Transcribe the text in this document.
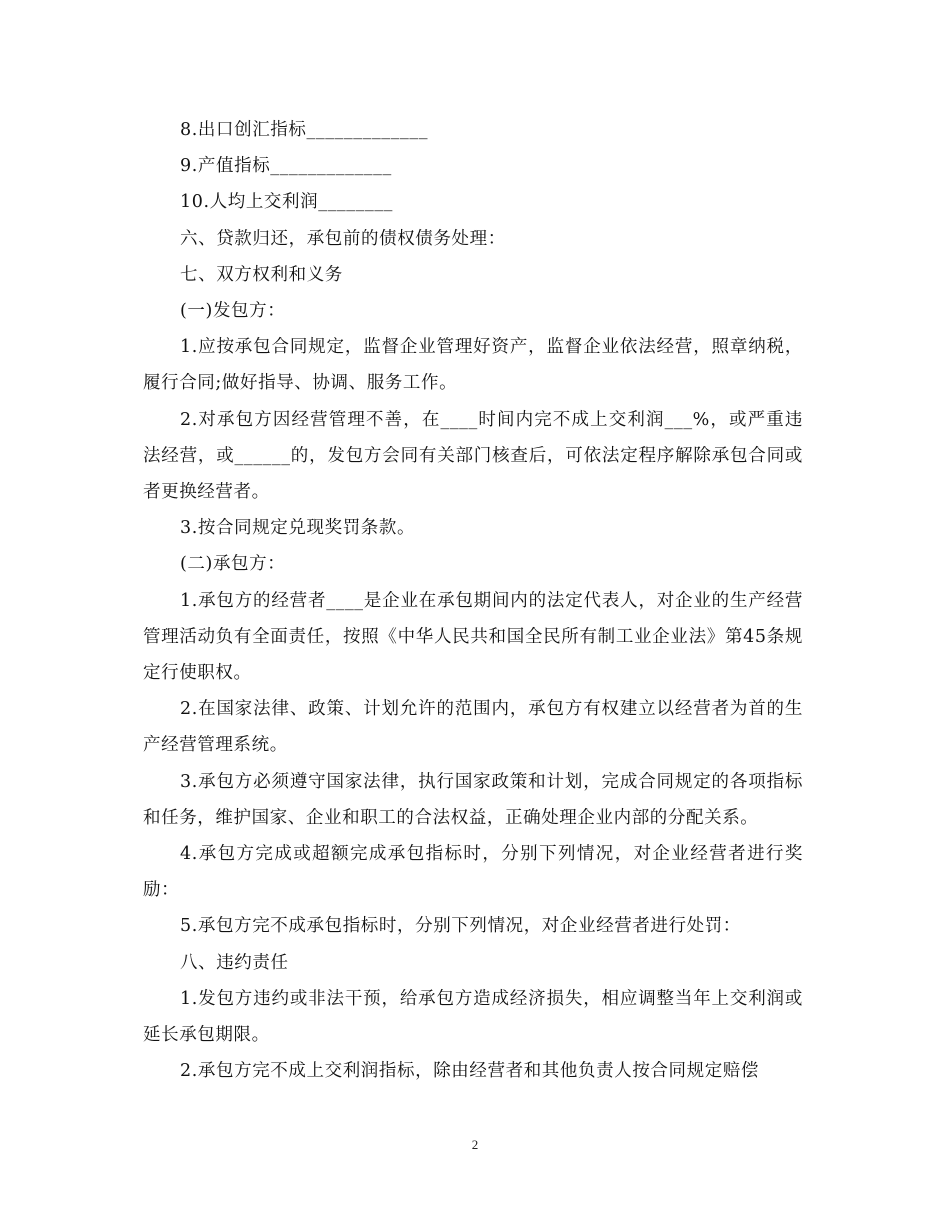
8.出口创汇指标_____________

9.产值指标_____________

10.人均上交利润________

六、贷款归还，承包前的债权债务处理：

七、双方权利和义务

(一)发包方：

1.应按承包合同规定，监督企业管理好资产，监督企业依法经营，照章纳税，履行合同;做好指导、协调、服务工作。

2.对承包方因经营管理不善，在____时间内完不成上交利润___%，或严重违法经营，或______的，发包方会同有关部门核查后，可依法定程序解除承包合同或者更换经营者。

3.按合同规定兑现奖罚条款。

(二)承包方：

1.承包方的经营者____是企业在承包期间内的法定代表人，对企业的生产经营管理活动负有全面责任，按照《中华人民共和国全民所有制工业企业法》第45条规定行使职权。

2.在国家法律、政策、计划允许的范围内，承包方有权建立以经营者为首的生产经营管理系统。

3.承包方必须遵守国家法律，执行国家政策和计划，完成合同规定的各项指标和任务，维护国家、企业和职工的合法权益，正确处理企业内部的分配关系。

4.承包方完成或超额完成承包指标时，分别下列情况，对企业经营者进行奖励：

5.承包方完不成承包指标时，分别下列情况，对企业经营者进行处罚：

八、违约责任

1.发包方违约或非法干预，给承包方造成经济损失，相应调整当年上交利润或延长承包期限。

2.承包方完不成上交利润指标，除由经营者和其他负责人按合同规定赔偿

2
